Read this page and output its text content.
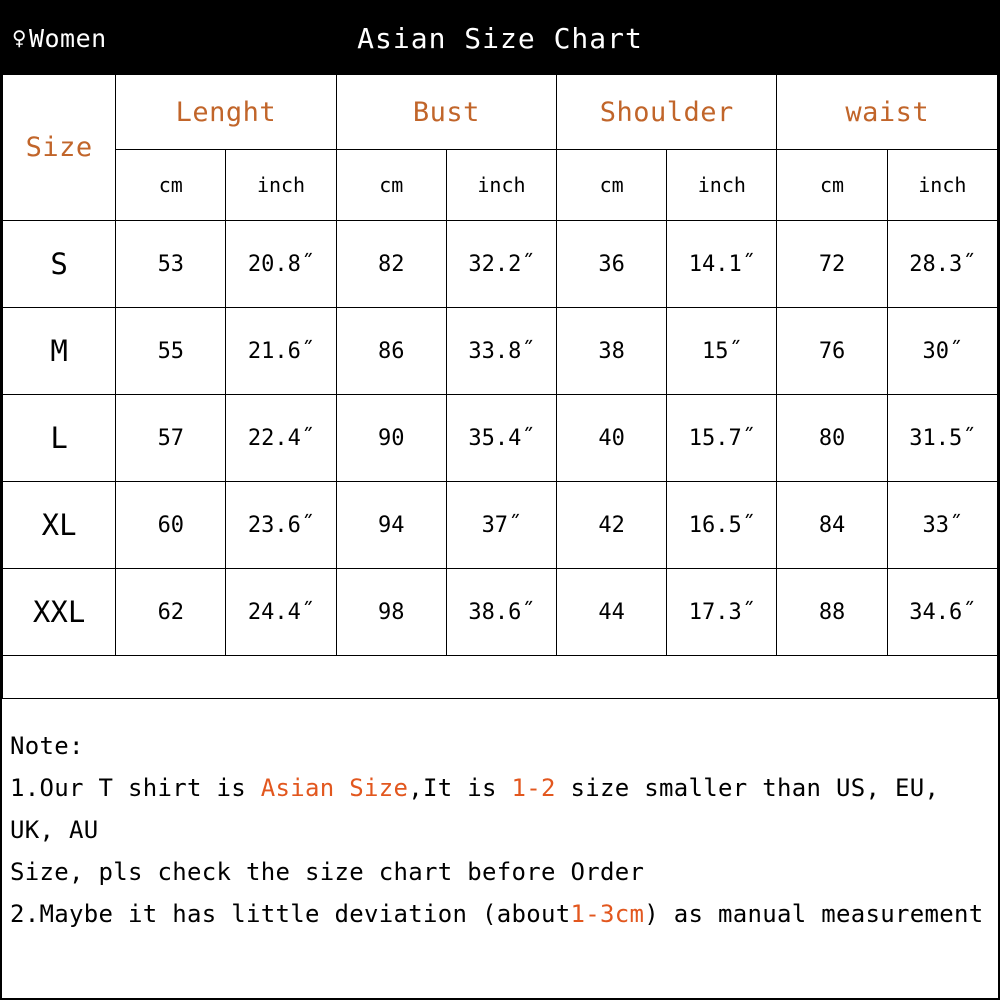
♀ Women	Asian Size Chart
Size	Lenght		Bust		Shoulder		waist	
	cm	inch	cm	inch	cm	inch	cm	inch
S	53	20.8˝	82	32.2˝	36	14.1˝	72	28.3˝
M	55	21.6˝	86	33.8˝	38	15˝	76	30˝
L	57	22.4˝	90	35.4˝	40	15.7˝	80	31.5˝
XL	60	23.6˝	94	37˝	42	16.5˝	84	33˝
XXL	62	24.4˝	98	38.6˝	44	17.3˝	88	34.6˝

Note:
1.Our T shirt is Asian Size,It is 1-2 size smaller than US, EU, UK, AU
Size, pls check the size chart before Order
2.Maybe it has little deviation (about1-3cm) as manual measurement
